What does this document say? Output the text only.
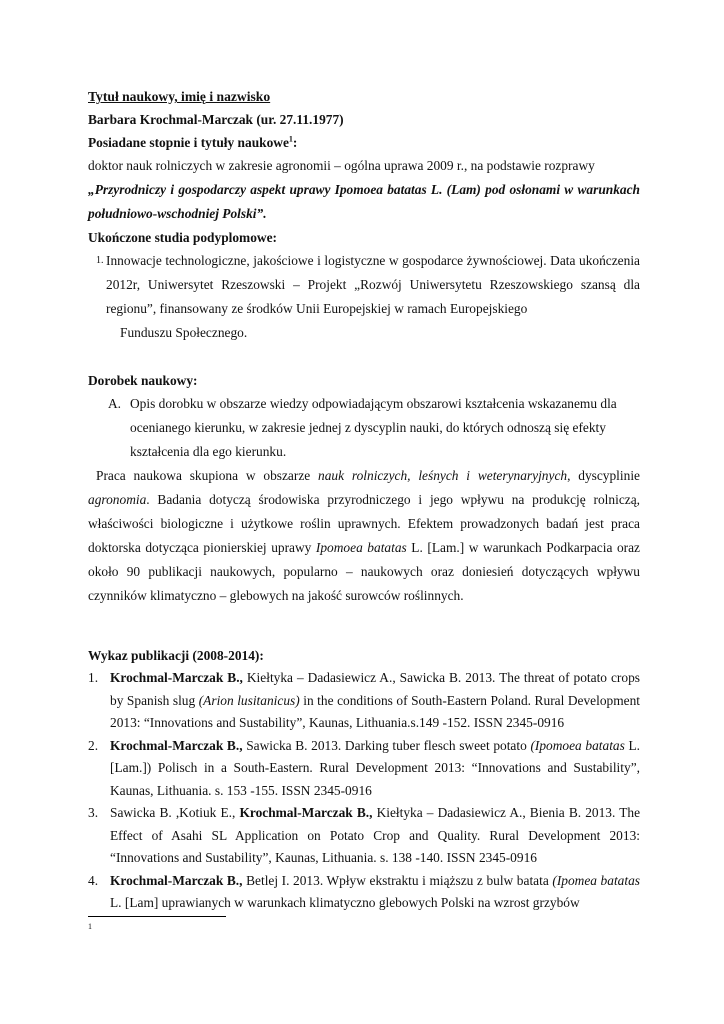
Tytuł naukowy, imię i nazwisko

Barbara Krochmal-Marczak (ur. 27.11.1977)

Posiadane stopnie i tytuły naukowe$^1$:

doktor nauk rolniczych w zakresie agronomii – ogólna uprawa 2009 r., na podstawie rozprawy

„Przyrodniczy i gospodarczy aspekt uprawy Ipomoea batatas L. (Lam) pod osłonami w warunkach południowo-wschodniej Polski”.

Ukończone studia podyplomowe:

1. Innowacje technologiczne, jakościowe i logistyczne w gospodarce żywnościowej. Data ukończenia 2012r, Uniwersytet Rzeszowski – Projekt „Rozwój Uniwersytetu Rzeszowskiego szansą dla regionu”, finansowany ze środków Unii Europejskiej w ramach Europejskiego
Funduszu Społecznego.

Dorobek naukowy:

A. Opis dorobku w obszarze wiedzy odpowiadającym obszarowi kształcenia wskazanemu dla
ocenianego kierunku, w zakresie jednej z dyscyplin nauki, do których odnoszą się efekty
kształcenia dla ego kierunku.

Praca naukowa skupiona w obszarze nauk rolniczych, leśnych i weterynaryjnych, dyscyplinie agronomia. Badania dotyczą środowiska przyrodniczego i jego wpływu na produkcję rolniczą, właściwości biologiczne i użytkowe roślin uprawnych. Efektem prowadzonych badań jest praca doktorska dotycząca pionierskiej uprawy Ipomoea batatas L. [Lam.] w warunkach Podkarpacia oraz około 90 publikacji naukowych, popularno – naukowych oraz doniesień dotyczących wpływu czynników klimatyczno – glebowych na jakość surowców roślinnych.

Wykaz publikacji (2008-2014):

1. Krochmal-Marczak B., Kiełtyka – Dadasiewicz A., Sawicka B. 2013. The threat of potato crops by Spanish slug (Arion lusitanicus) in the conditions of South-Eastern Poland. Rural Development 2013: “Innovations and Sustability”, Kaunas, Lithuania.s.149 -152. ISSN 2345-0916
2. Krochmal-Marczak B., Sawicka B. 2013. Darking tuber flesch sweet potato (Ipomoea batatas L. [Lam.]) Polisch in a South-Eastern. Rural Development 2013: “Innovations and Sustability”, Kaunas, Lithuania. s. 153 -155. ISSN 2345-0916
3. Sawicka B. ,Kotiuk E., Krochmal-Marczak B., Kiełtyka – Dadasiewicz A., Bienia B. 2013. The Effect of Asahi SL Application on Potato Crop and Quality. Rural Development 2013: “Innovations and Sustability”, Kaunas, Lithuania. s. 138 -140. ISSN 2345-0916
4. Krochmal-Marczak B., Betlej I. 2013. Wpływ ekstraktu i miąższu z bulw batata (Ipomea batatas L. [Lam] uprawianych w warunkach klimatyczno glebowych Polski na wzrost grzybów
1
